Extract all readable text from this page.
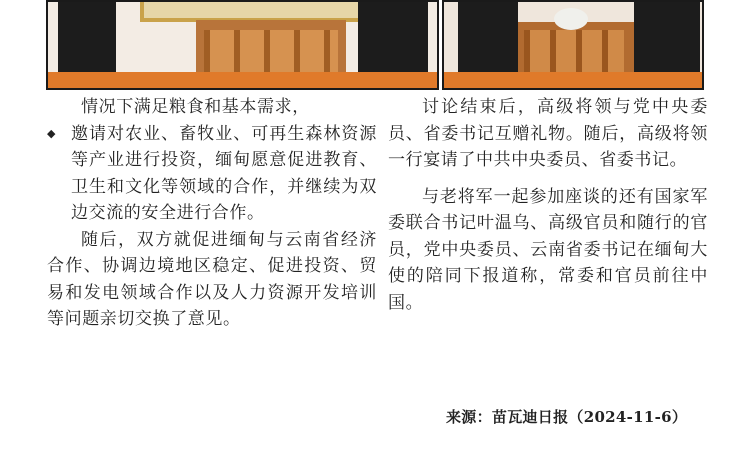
情况下满足粮食和基本需求，

◆ 邀请对农业、畜牧业、可再生森林资源等产业进行投资，缅甸愿意促进教育、卫生和文化等领域的合作，并继续为双边交流的安全进行合作。

随后，双方就促进缅甸与云南省经济合作、协调边境地区稳定、促进投资、贸易和发电领域合作以及人力资源开发培训等问题亲切交换了意见。

讨论结束后，高级将领与党中央委员、省委书记互赠礼物。随后，高级将领一行宴请了中共中央委员、省委书记。

与老将军一起参加座谈的还有国家军委联合书记叶温乌、高级官员和随行的官员，党中央委员、云南省委书记在缅甸大使的陪同下报道称，常委和官员前往中国。

来源：苗瓦迪日报（2024-11-6）
